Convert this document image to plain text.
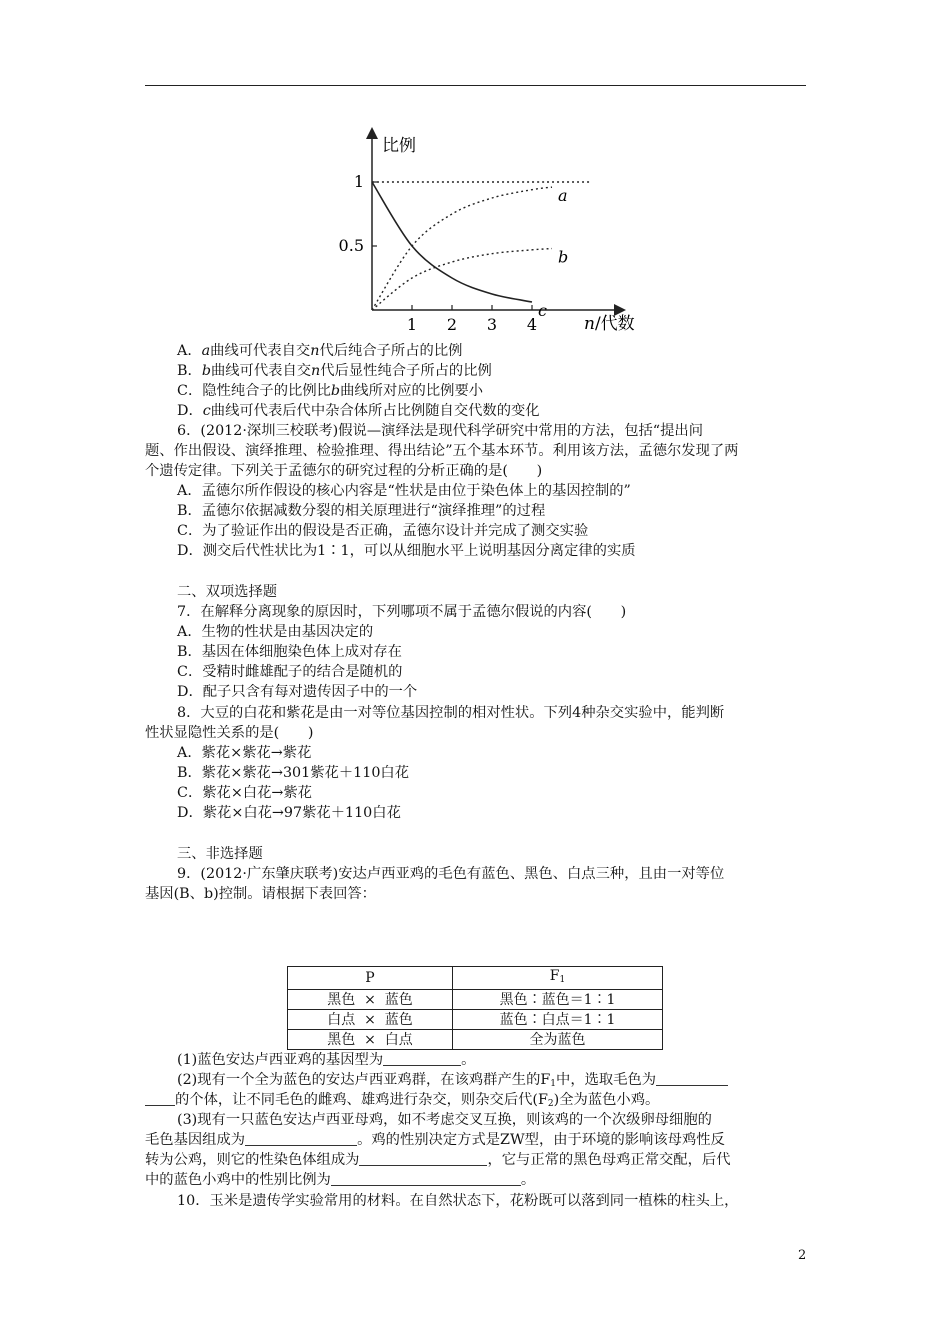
比例
n/代数
1 2 3 4
1
0.5
a
b
c
A．a曲线可代表自交n代后纯合子所占的比例
B．b曲线可代表自交n代后显性纯合子所占的比例
C．隐性纯合子的比例比b曲线所对应的比例要小
D．c曲线可代表后代中杂合体所占比例随自交代数的变化
6．(2012·深圳三校联考)假说—演绎法是现代科学研究中常用的方法，包括“提出问
题、作出假设、演绎推理、检验推理、得出结论”五个基本环节。利用该方法，孟德尔发现了两
个遗传定律。下列关于孟德尔的研究过程的分析正确的是(　　)
A．孟德尔所作假设的核心内容是“性状是由位于染色体上的基因控制的”
B．孟德尔依据减数分裂的相关原理进行“演绎推理”的过程
C．为了验证作出的假设是否正确，孟德尔设计并完成了测交实验
D．测交后代性状比为1∶1，可以从细胞水平上说明基因分离定律的实质
二、双项选择题
7．在解释分离现象的原因时，下列哪项不属于孟德尔假说的内容(　　)
A．生物的性状是由基因决定的
B．基因在体细胞染色体上成对存在
C．受精时雌雄配子的结合是随机的
D．配子只含有每对遗传因子中的一个
8．大豆的白花和紫花是由一对等位基因控制的相对性状。下列4种杂交实验中，能判断
性状显隐性关系的是(　　)
A．紫花×紫花→紫花
B．紫花×紫花→301紫花＋110白花
C．紫花×白花→紫花
D．紫花×白花→97紫花＋110白花
三、非选择题
9．(2012·广东肇庆联考)安达卢西亚鸡的毛色有蓝色、黑色、白点三种，且由一对等位
基因(B、b)控制。请根据下表回答：
P	$F_1$
黑色  ×  蓝色	黑色∶蓝色＝1∶1
白点  ×  蓝色	蓝色∶白点＝1∶1
黑色  ×  白点	全为蓝色
(1)蓝色安达卢西亚鸡的基因型为	。
(2)现有一个全为蓝色的安达卢西亚鸡群，在该鸡群产生的$F_1$中，选取毛色为
的个体，让不同毛色的雌鸡、雄鸡进行杂交，则杂交后代$(F_2)$全为蓝色小鸡。
(3)现有一只蓝色安达卢西亚母鸡，如不考虑交叉互换，则该鸡的一个次级卵母细胞的
毛色基因组成为	。鸡的性别决定方式是ZW型，由于环境的影响该母鸡性反
转为公鸡，则它的性染色体组成为	，它与正常的黑色母鸡正常交配，后代
中的蓝色小鸡中的性别比例为	。
10．玉米是遗传学实验常用的材料。在自然状态下，花粉既可以落到同一植株的柱头上，
2
